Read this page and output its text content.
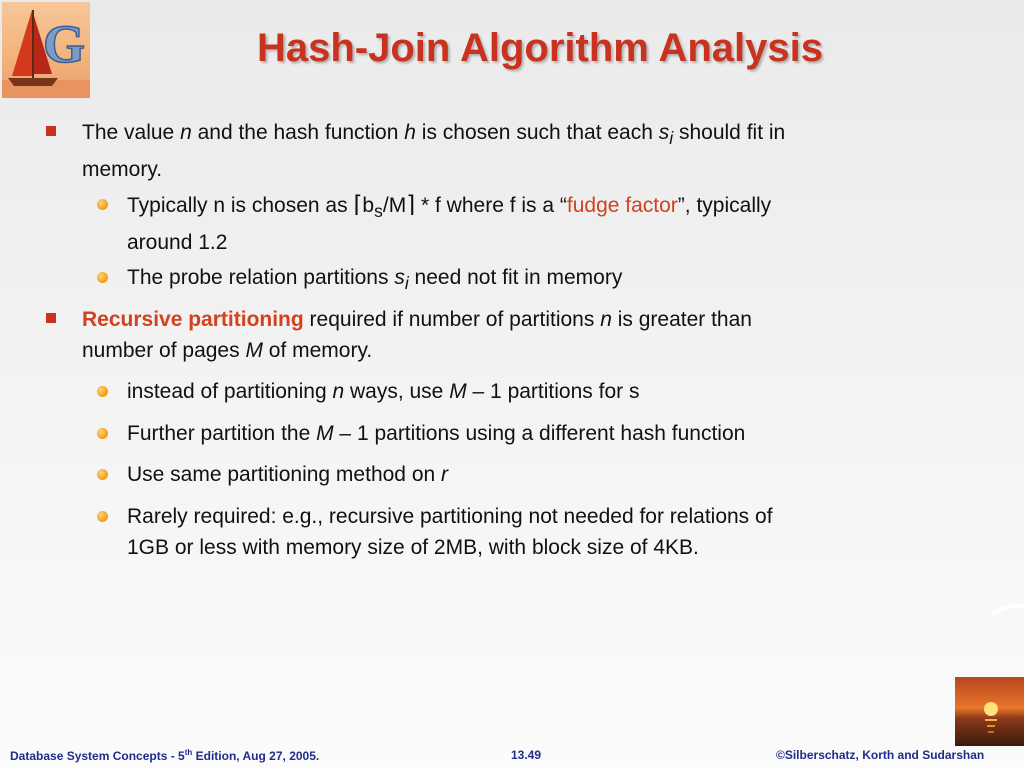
G	Hash-Join Algorithm Analysis
The value n and the hash function h is chosen such that each $s_i$ should fit in
memory.
Typically n is chosen as $⌈b_s/M⌉$ * f where f is a “fudge factor”, typically
around 1.2
The probe relation partitions $s_i$ need not fit in memory
Recursive partitioning required if number of partitions n is greater than
number of pages M of memory.
instead of partitioning n ways, use M – 1 partitions for s
Further partition the M – 1 partitions using a different hash function
Use same partitioning method on r
Rarely required: e.g., recursive partitioning not needed for relations of
1GB or less with memory size of 2MB, with block size of 4KB.
Database System Concepts - 5th Edition, Aug 27, 2005.	13.49	©Silberschatz, Korth and Sudarshan
